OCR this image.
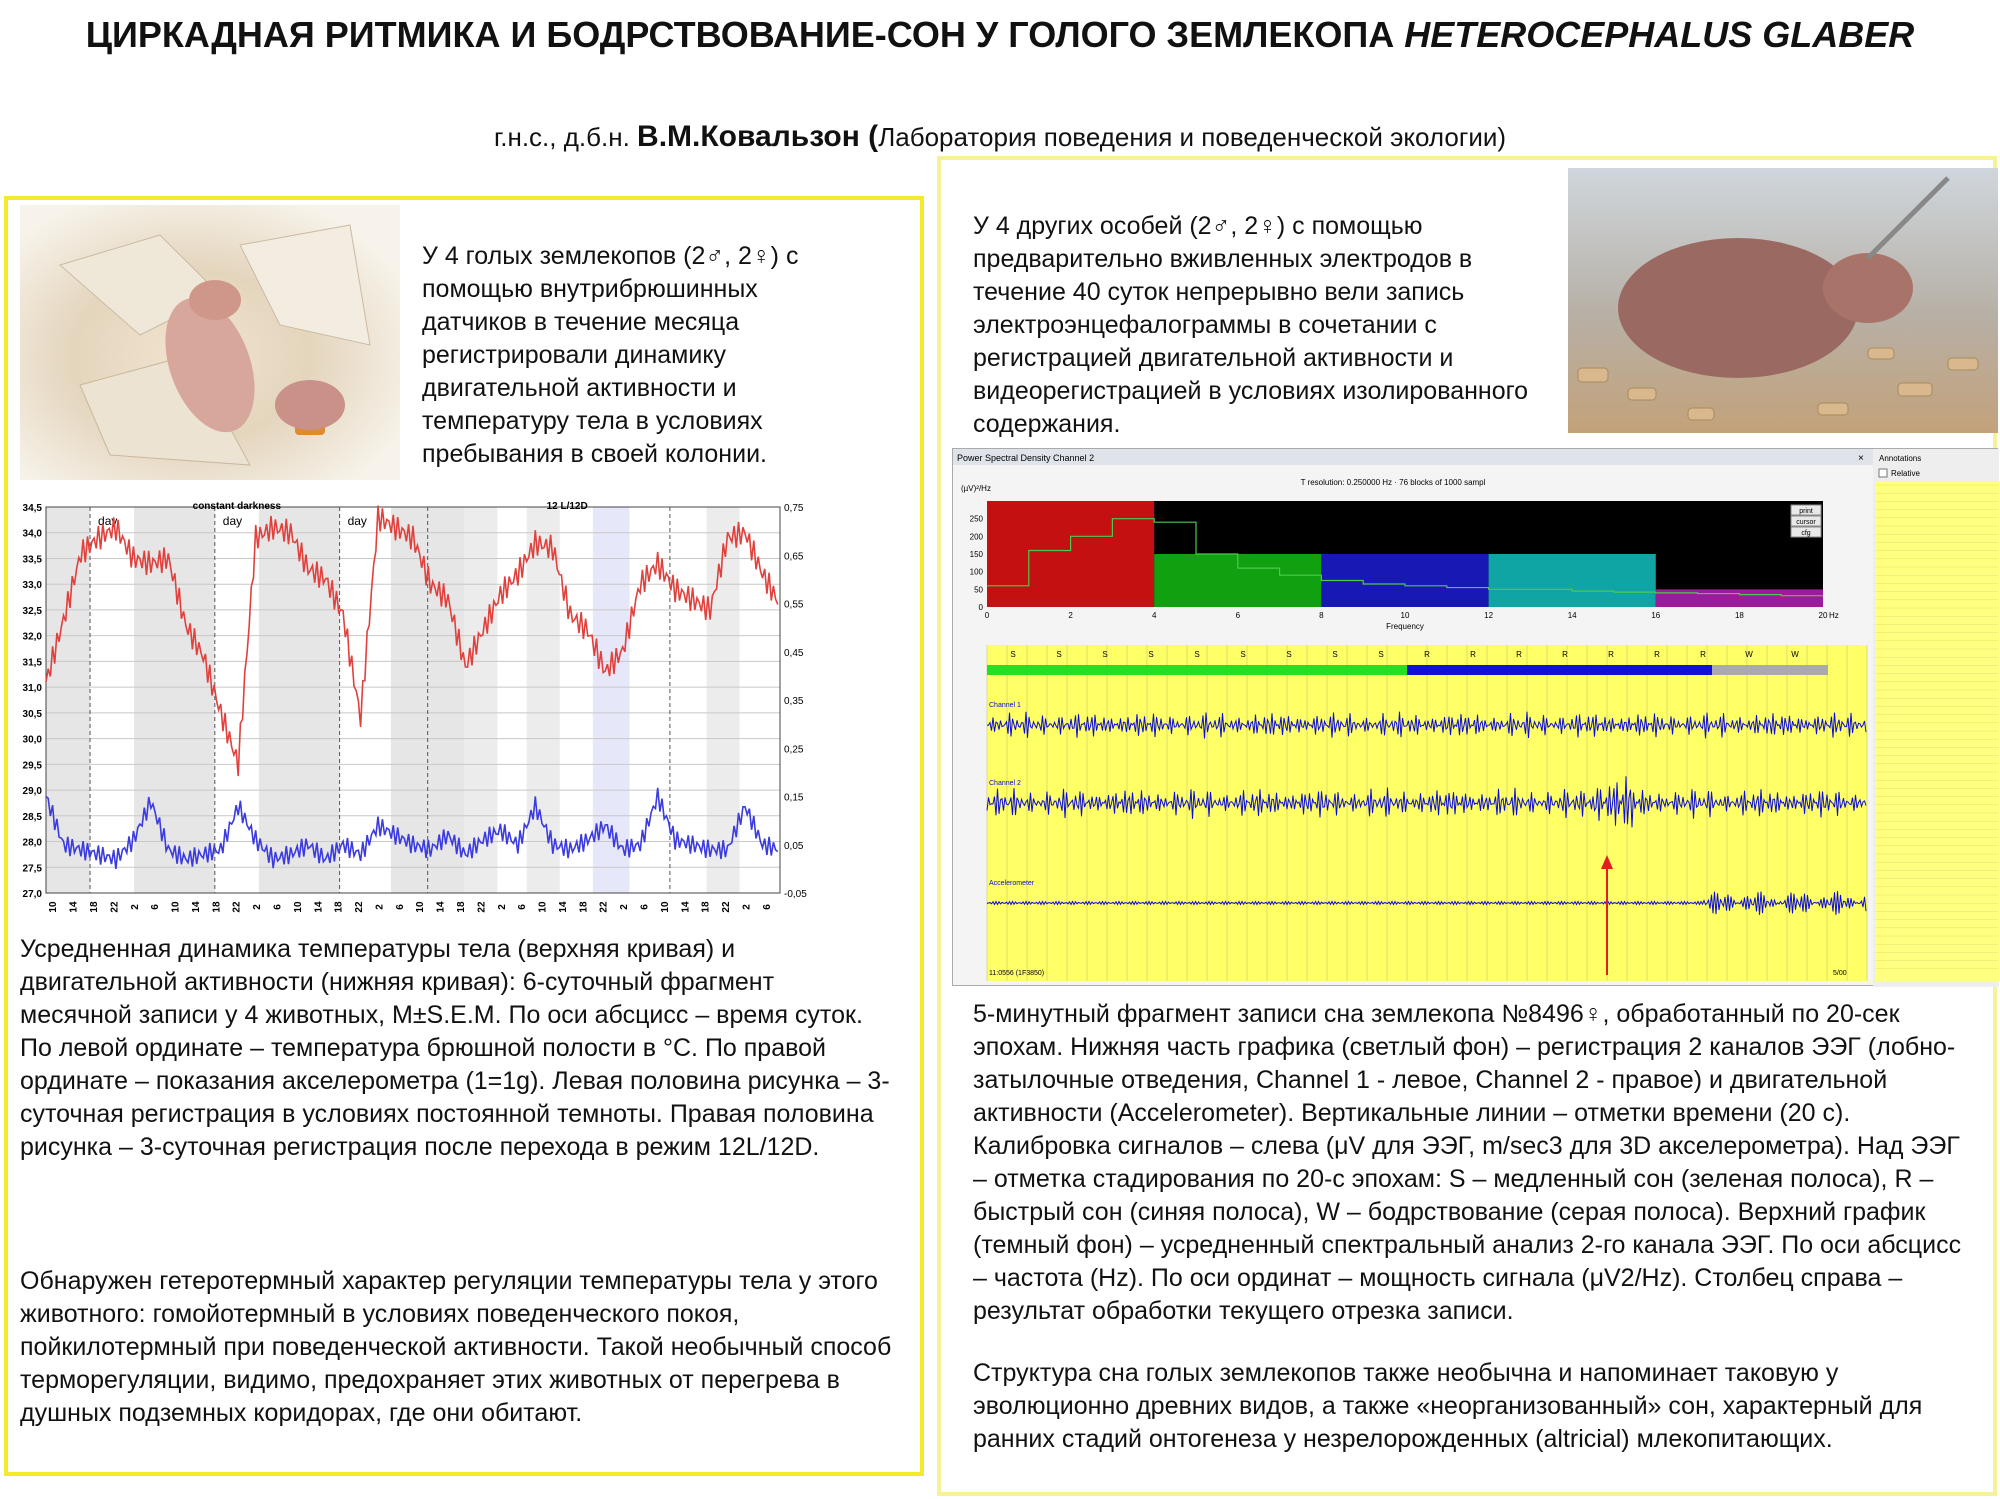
ЦИРКАДНАЯ РИТМИКА И БОДРСТВОВАНИЕ-СОН У ГОЛОГО ЗЕМЛЕКОПА HETEROCEPHALUS GLABER
г.н.с., д.б.н. В.М.Ковальзон (Лаборатория поведения и поведенческой экологии)
У 4 голых землекопов (2♂, 2♀) с помощью внутрибрюшинных датчиков в течение месяца регистрировали динамику двигательной активности и температуру тела в условиях пребывания в своей колонии.
34,5
34,0
33,5
33,0
32,5
32,0
31,5
31,0
30,5
30,0
29,5
29,0
28,5
28,0
27,5
27,0
0,75
0,65
0,55
0,45
0,35
0,25
0,15
0,05
-0,05
10 14 18 22 2 6 10 14 18 22 2 6 10 14 18 22 2 6 10 14 18 22 2 6 10 14 18 22 2 6 10 14 18 22 2 6
constant darkness	12 L/12D
day	day	day
Усредненная динамика температуры тела (верхняя кривая) и двигательной активности (нижняя кривая): 6-суточный фрагмент месячной записи у 4 животных, M±S.E.M. По оси абсцисс – время суток. По левой ординате – температура брюшной полости в °C. По правой ординате – показания акселерометра (1=1g). Левая половина рисунка – 3-суточная регистрация в условиях постоянной темноты. Правая половина рисунка – 3-суточная регистрация после перехода в режим 12L/12D.
Обнаружен гетеротермный характер регуляции температуры тела у этого животного: гомойотермный в условиях поведенческого покоя, пойкилотермный при поведенческой активности. Такой необычный способ терморегуляции, видимо, предохраняет этих животных от перегрева в душных подземных коридорах, где они обитают.
У 4 других особей (2♂, 2♀) с помощью предварительно вживленных электродов в течение 40 суток непрерывно вели запись электроэнцефалограммы в сочетании с регистрацией двигательной активности и видеорегистрацией в условиях изолированного содержания.
Power Spectral Density Channel 2	×
T resolution: 0.250000 Hz · 76 blocks of 1000 sampl
(µV)²/Hz
250
200
150
100
50
0
0	2	4	6	8	10	12	14	16	18	20
Frequency
Hz
print
cursor
cfg
S	S	S	S	S	S	S	S	S	R	R	R	R	R	R	R	W	W
Channel 1
Channel 2
Accelerometer
11:0556 (1F3850)	5/00
Annotations
Relative
5-минутный фрагмент записи сна землекопа №8496♀, обработанный по 20-сек эпохам. Нижняя часть графика (светлый фон) – регистрация 2 каналов ЭЭГ (лобно-затылочные отведения, Channel 1 - левое, Channel 2 - правое) и двигательной активности (Accelerometer). Вертикальные линии – отметки времени (20 с). Калибровка сигналов – слева (μV для ЭЭГ, m/sec3 для 3D акселерометра). Над ЭЭГ – отметка стадирования по 20-с эпохам: S – медленный сон (зеленая полоса), R – быстрый сон (синяя полоса), W – бодрствование (серая полоса). Верхний график (темный фон) – усредненный спектральный анализ 2-го канала ЭЭГ. По оси абсцисс – частота (Hz). По оси ординат – мощность сигнала (μV2/Hz). Столбец справа – результат обработки текущего отрезка записи.
Структура сна голых землекопов также необычна и напоминает таковую у эволюционно древних видов, а также «неорганизованный» сон, характерный для ранних стадий онтогенеза у незрелорожденных (altricial) млекопитающих.
